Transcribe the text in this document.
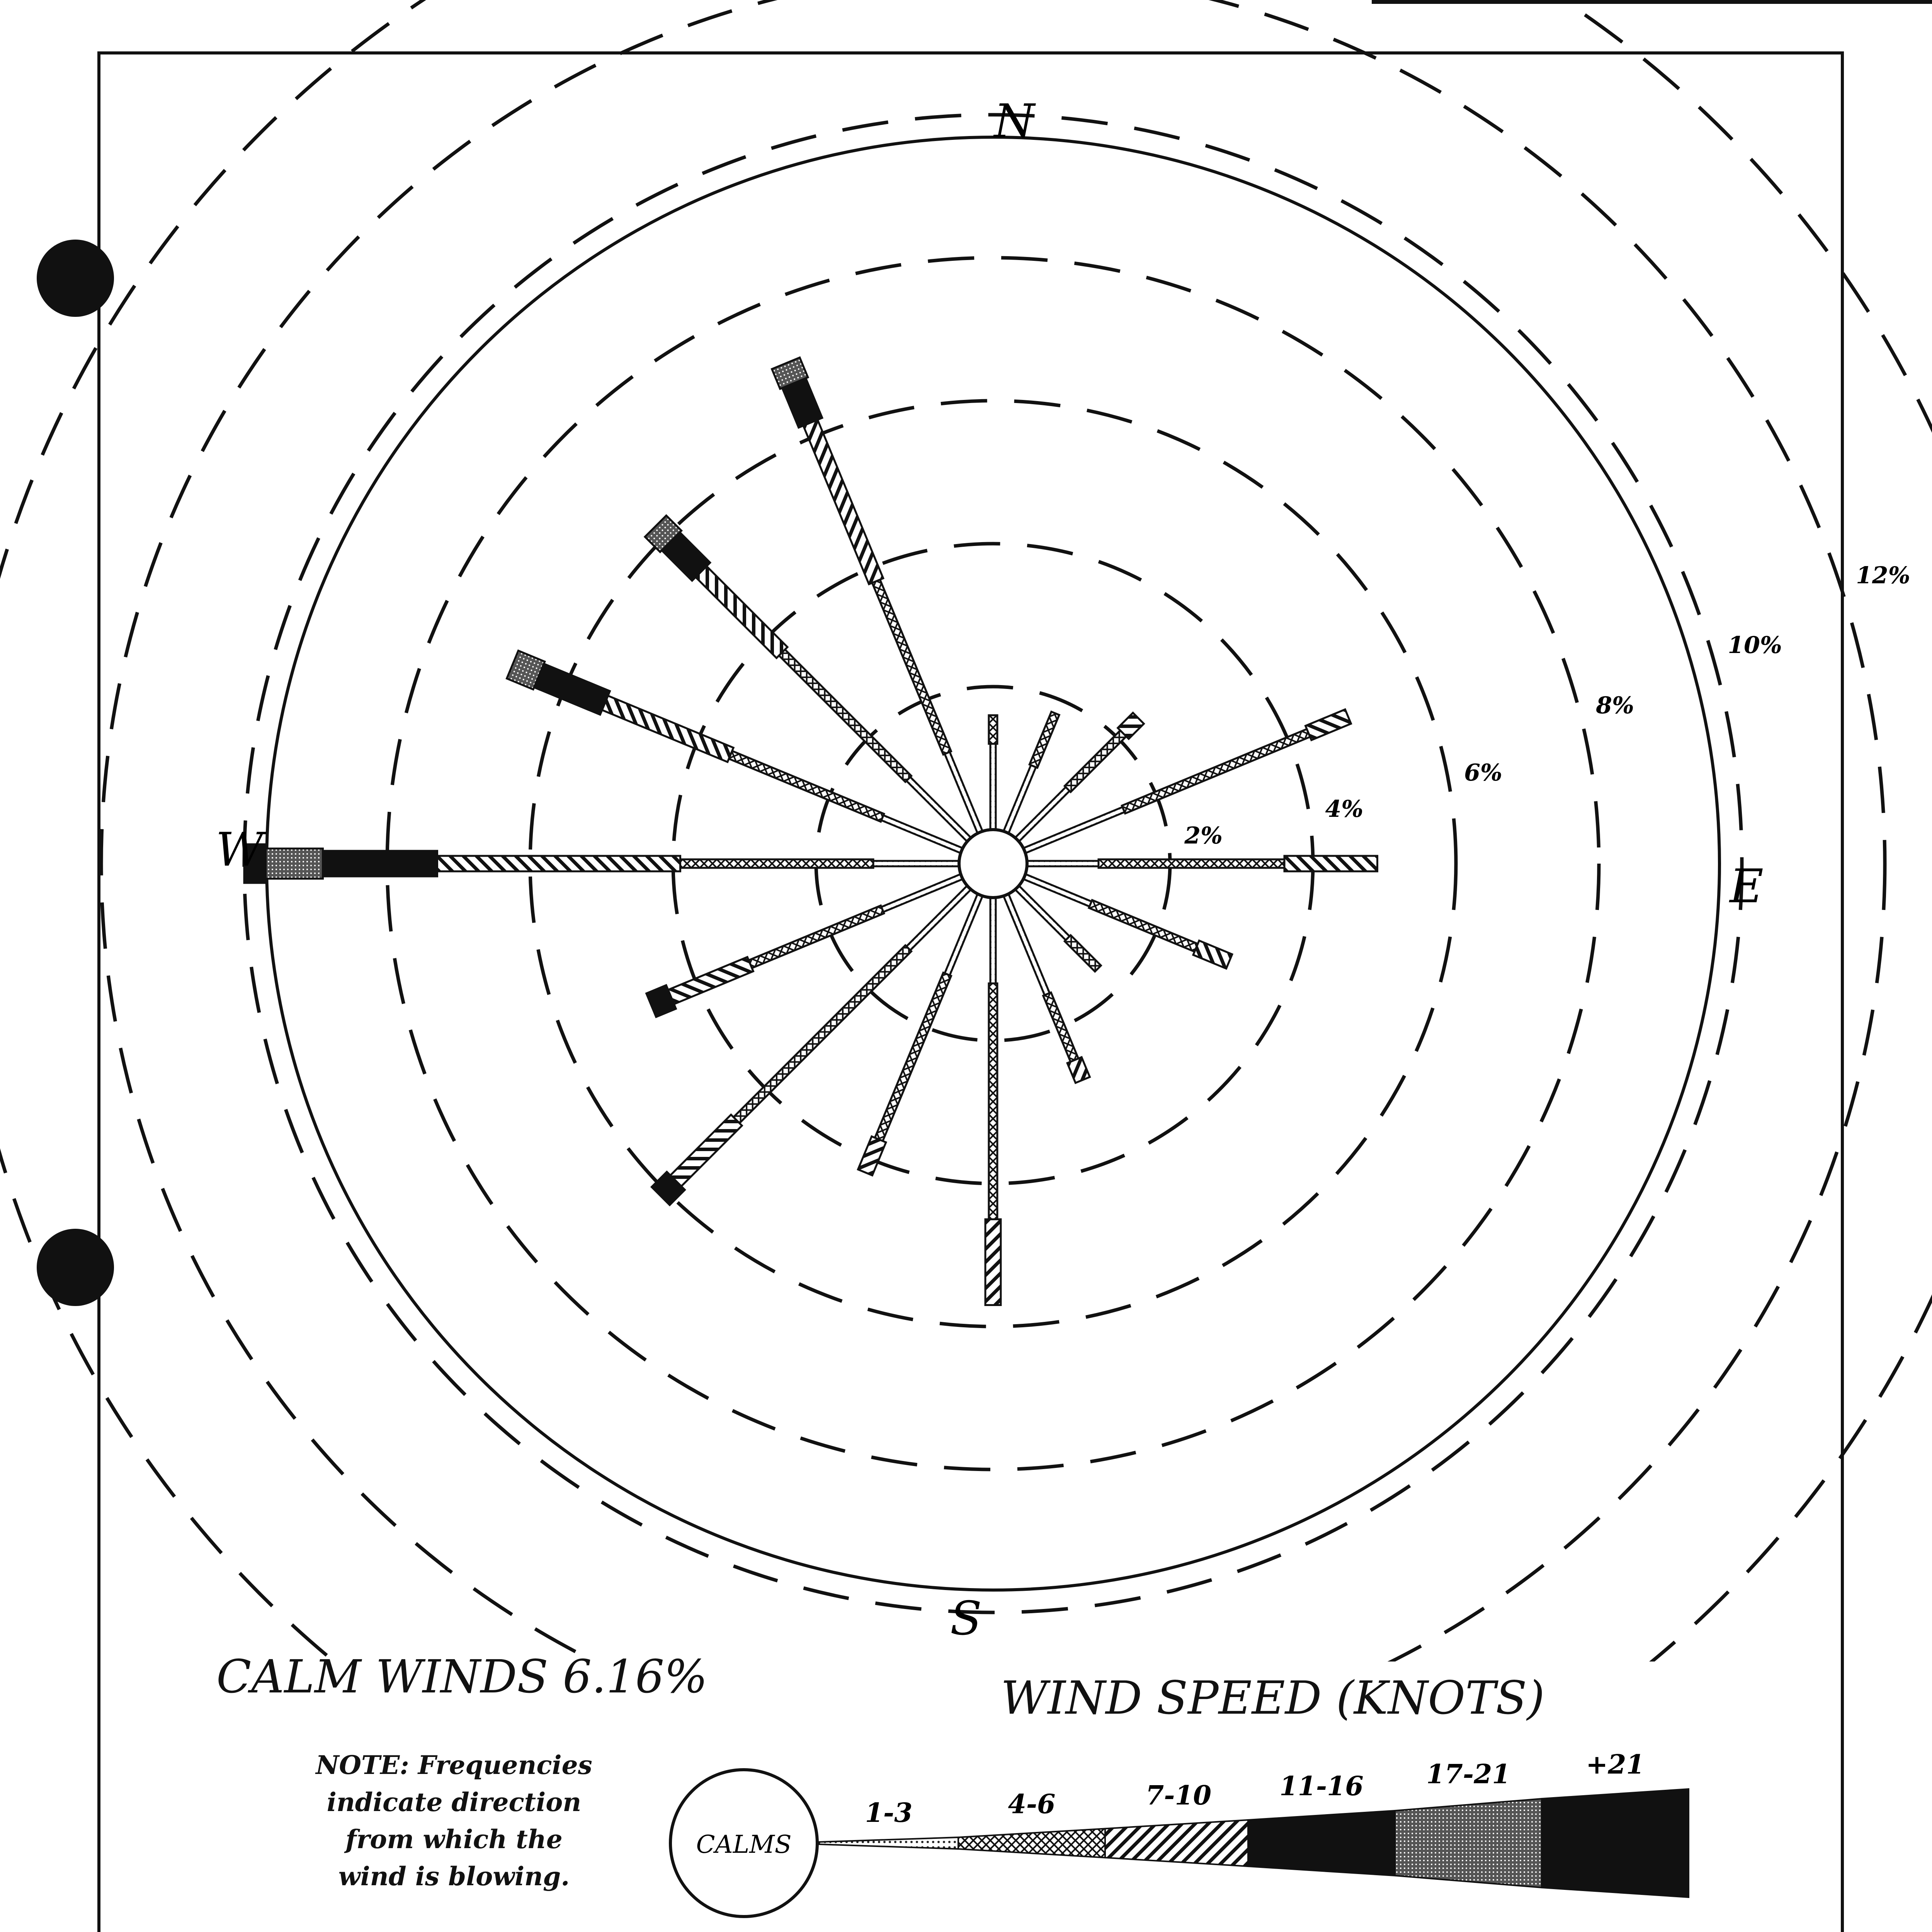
2%
4%
6%
8%
10%
12%
N
S
E
W
CALM WINDS 6.16%	WIND SPEED (KNOTS)
NOTE: Frequencies
indicate direction
from which the
wind is blowing.
CALMS
1-3	4-6	7-10	11-16 17-21	+21
